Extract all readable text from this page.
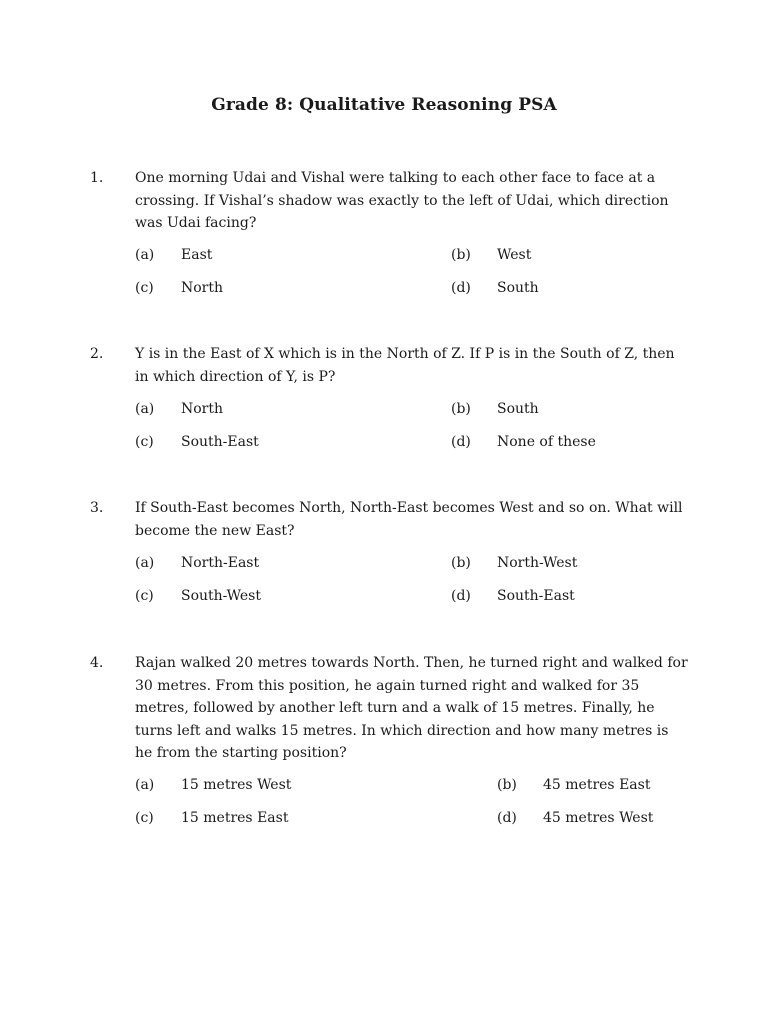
Grade 8: Qualitative Reasoning PSA
1.	One morning Udai and Vishal were talking to each other face to face at a crossing. If Vishal’s shadow was exactly to the left of Udai, which direction was Udai facing?
(a) East	(b) West
(c) North	(d) South
2.	Y is in the East of X which is in the North of Z. If P is in the South of Z, then in which direction of Y, is P?
(a) North	(b) South
(c) South-East	(d) None of these
3.	If South-East becomes North, North-East becomes West and so on. What will become the new East?
(a) North-East	(b) North-West
(c) South-West	(d) South-East
4.	Rajan walked 20 metres towards North. Then, he turned right and walked for 30 metres. From this position, he again turned right and walked for 35 metres, followed by another left turn and a walk of 15 metres. Finally, he turns left and walks 15 metres. In which direction and how many metres is he from the starting position?
(a) 15 metres West	(b) 45 metres East
(c) 15 metres East	(d) 45 metres West
